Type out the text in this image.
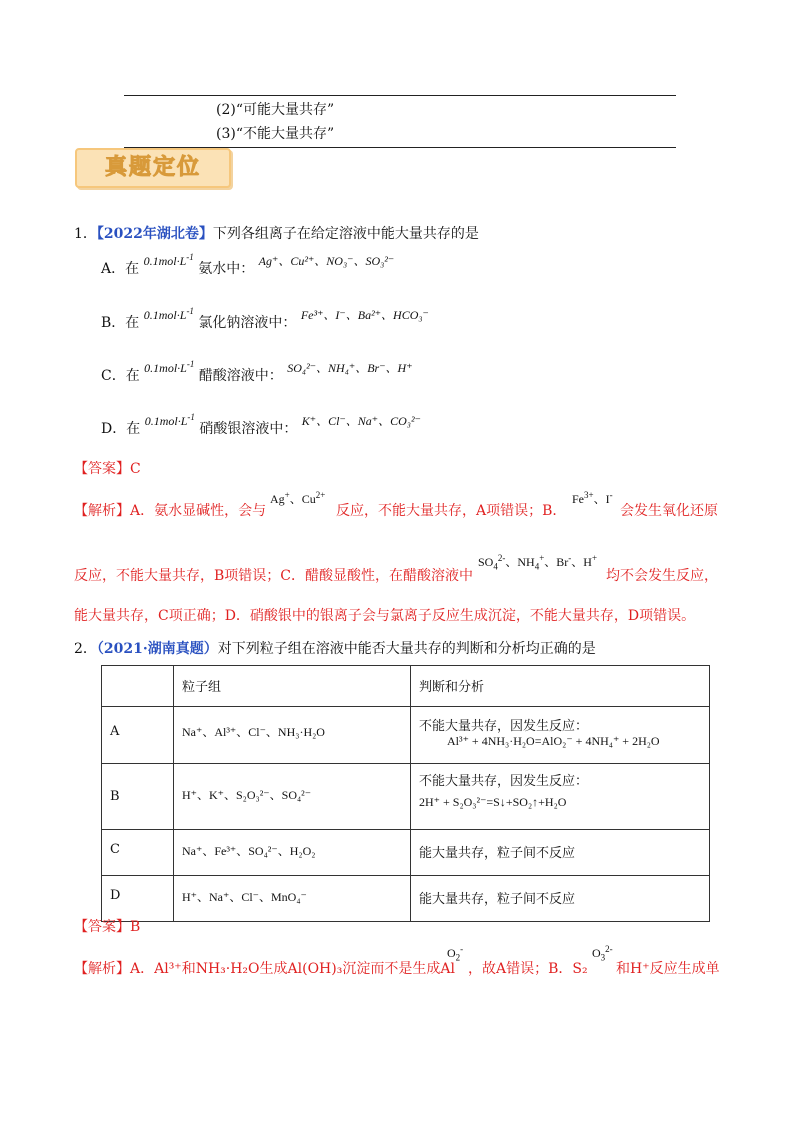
(2)“可能大量共存”
(3)“不能大量共存”
真题定位
1．【2022年湖北卷】下列各组离子在给定溶液中能大量共存的是
A．在 $0.1mol\cdot L^{-1}$ 氨水中： Ag⁺、Cu²⁺、NO₃⁻、SO₃²⁻
B．在 $0.1mol\cdot L^{-1}$ 氯化钠溶液中： Fe³⁺、I⁻、Ba²⁺、HCO₃⁻
C．在 $0.1mol\cdot L^{-1}$ 醋酸溶液中： SO₄²⁻、NH₄⁺、Br⁻、H⁺
D．在 $0.1mol\cdot L^{-1}$ 硝酸银溶液中： K⁺、Cl⁻、Na⁺、CO₃²⁻
【答案】C
【解析】A．氨水显碱性，会与
Ag+、$Cu^{2+}$
反应，不能大量共存，A项错误；B．
$Fe^{3+}$、I-
会发生氧化还原
反应，不能大量共存，B项错误；C．醋酸显酸性，在醋酸溶液中
$SO_4^{2-}$、$NH_4^+$、Br-、H+
均不会发生反应，
能大量共存，C项正确；D．硝酸银中的银离子会与氯离子反应生成沉淀，不能大量共存，D项错误。
2．（2021·湖南真题）对下列粒子组在溶液中能否大量共存的判断和分析均正确的是

	粒子组	判断和分析

A	Na⁺、Al³⁺、Cl⁻、NH₃·H₂O	不能大量共存，因发生反应：
Al³⁺ + 4NH₃·H₂O=AlO₂⁻ + 4NH₄⁺ + 2H₂O

B	H⁺、K⁺、S₂O₃²⁻、SO₄²⁻	不能大量共存，因发生反应：
2H⁺ + S₂O₃²⁻=S↓+SO₂↑+H₂O

C	Na⁺、Fe³⁺、SO₄²⁻、H₂O₂	能大量共存，粒子间不反应

D	H⁺、Na⁺、Cl⁻、MnO₄⁻	能大量共存，粒子间不反应
【答案】B
【解析】A．Al³⁺和NH₃·H₂O生成Al(OH)₃沉淀而不是生成Al
$O_2^-$
，故A错误；B．S₂
$O_3^{2-}$
和H⁺反应生成单
